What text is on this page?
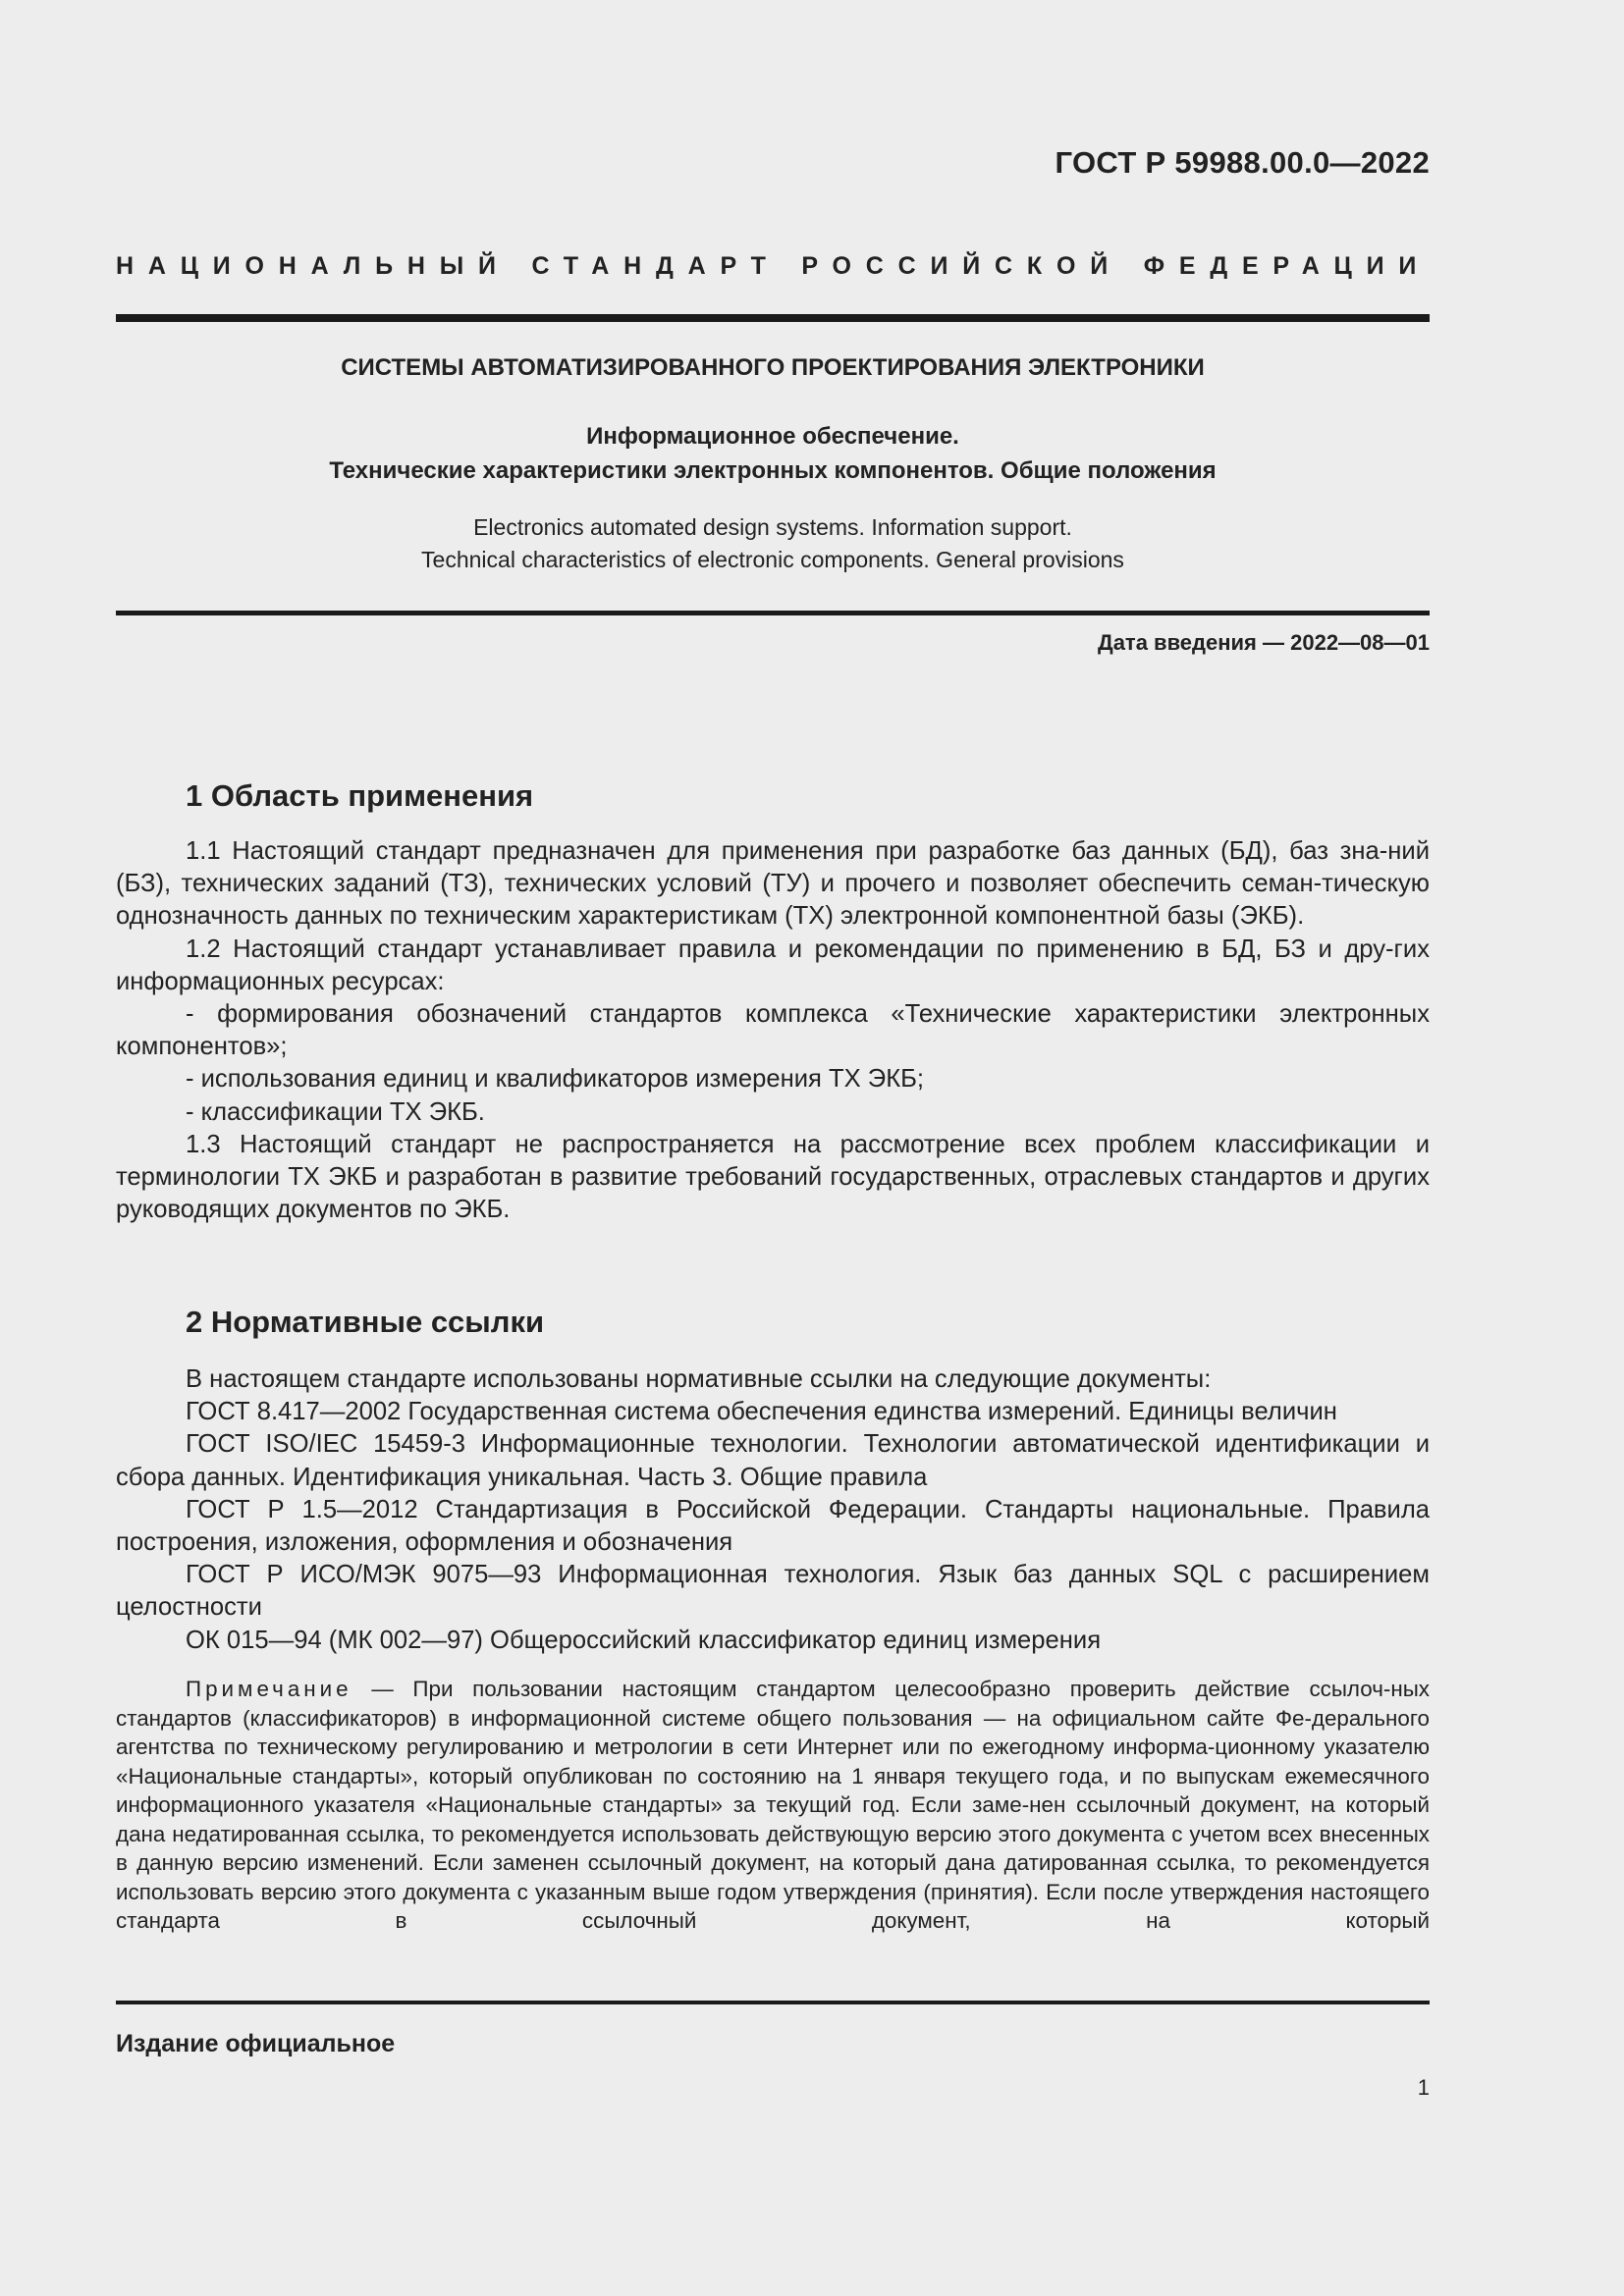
ГОСТ Р 59988.00.0—2022
НАЦИОНАЛЬНЫЙ СТАНДАРТ РОССИЙСКОЙ ФЕДЕРАЦИИ
СИСТЕМЫ АВТОМАТИЗИРОВАННОГО ПРОЕКТИРОВАНИЯ ЭЛЕКТРОНИКИ
Информационное обеспечение.
Технические характеристики электронных компонентов. Общие положения
Electronics automated design systems. Information support.
Technical characteristics of electronic components. General provisions
Дата введения — 2022—08—01
1 Область применения

1.1 Настоящий стандарт предназначен для применения при разработке баз данных (БД), баз зна-ний (БЗ), технических заданий (ТЗ), технических условий (ТУ) и прочего и позволяет обеспечить семан-тическую однозначность данных по техническим характеристикам (ТХ) электронной компонентной базы (ЭКБ).

1.2 Настоящий стандарт устанавливает правила и рекомендации по применению в БД, БЗ и дру-гих информационных ресурсах:

- формирования обозначений стандартов комплекса «Технические характеристики электронных компонентов»;

- использования единиц и квалификаторов измерения ТХ ЭКБ;

- классификации ТХ ЭКБ.

1.3 Настоящий стандарт не распространяется на рассмотрение всех проблем классификации и терминологии ТХ ЭКБ и разработан в развитие требований государственных, отраслевых стандартов и других руководящих документов по ЭКБ.

2 Нормативные ссылки

В настоящем стандарте использованы нормативные ссылки на следующие документы:

ГОСТ 8.417—2002 Государственная система обеспечения единства измерений. Единицы величин

ГОСТ ISO/IEC 15459-3 Информационные технологии. Технологии автоматической идентификации и сбора данных. Идентификация уникальная. Часть 3. Общие правила

ГОСТ Р 1.5—2012 Стандартизация в Российской Федерации. Стандарты национальные. Правила построения, изложения, оформления и обозначения

ГОСТ Р ИСО/МЭК 9075—93 Информационная технология. Язык баз данных SQL с расширением целостности

ОК 015—94 (МК 002—97) Общероссийский классификатор единиц измерения

Примечание — При пользовании настоящим стандартом целесообразно проверить действие ссылоч-ных стандартов (классификаторов) в информационной системе общего пользования — на официальном сайте Фе-дерального агентства по техническому регулированию и метрологии в сети Интернет или по ежегодному информа-ционному указателю «Национальные стандарты», который опубликован по состоянию на 1 января текущего года, и по выпускам ежемесячного информационного указателя «Национальные стандарты» за текущий год. Если заме-нен ссылочный документ, на который дана недатированная ссылка, то рекомендуется использовать действующую версию этого документа с учетом всех внесенных в данную версию изменений. Если заменен ссылочный документ, на который дана датированная ссылка, то рекомендуется использовать версию этого документа с указанным выше годом утверждения (принятия). Если после утверждения настоящего стандарта в ссылочный документ, на который

Издание официальное
1
